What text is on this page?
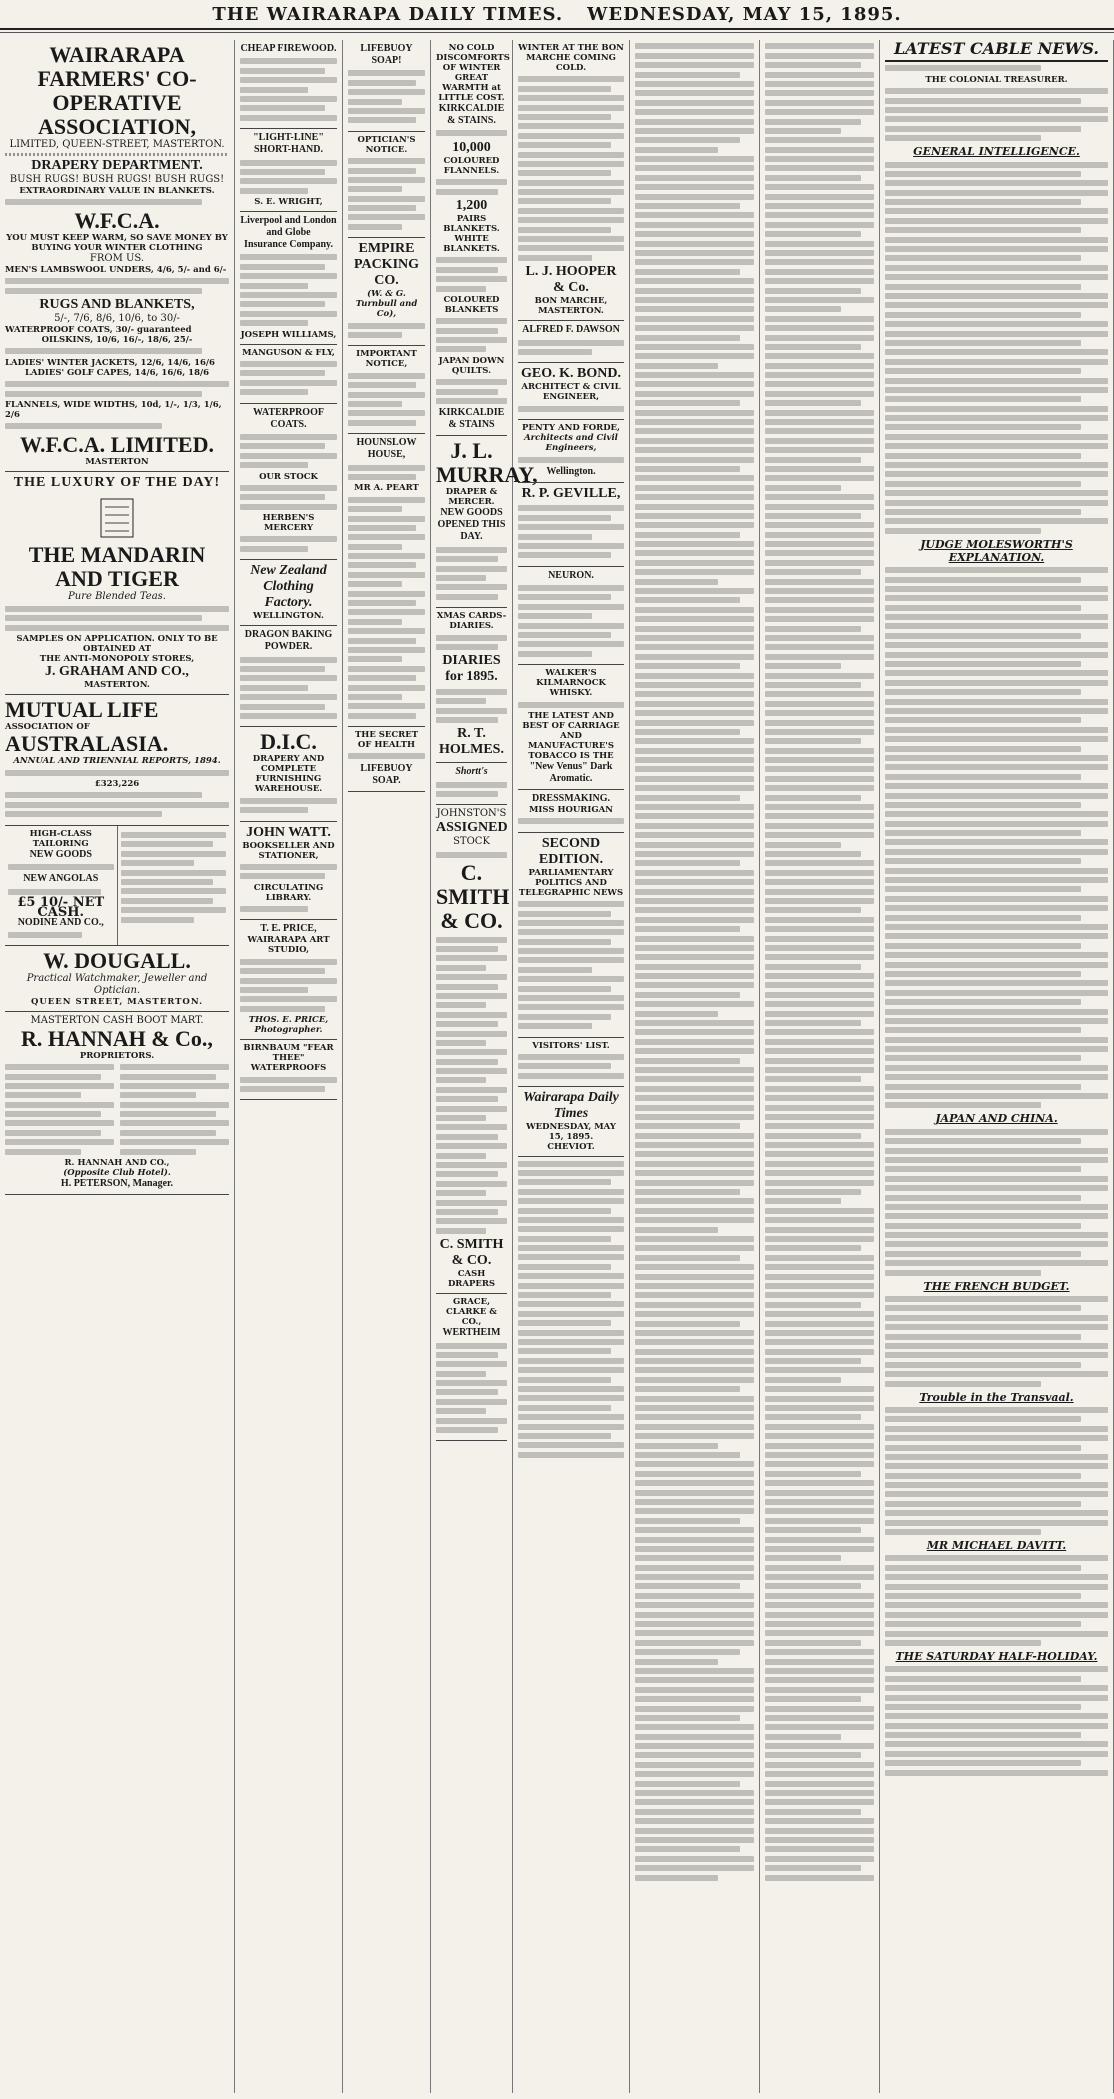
THE WAIRARAPA DAILY TIMES. WEDNESDAY, MAY 15, 1895.
WAIRARAPA FARMERS' CO-OPERATIVE ASSOCIATION,
LIMITED, QUEEN-STREET, MASTERTON.
DRAPERY DEPARTMENT.
BUSH RUGS! BUSH RUGS! BUSH RUGS!
EXTRAORDINARY VALUE IN BLANKETS.
W.F.C.A.
YOU MUST KEEP WARM, SO SAVE MONEY BY BUYING YOUR WINTER CLOTHING
FROM US.
MEN'S LAMBSWOOL UNDERS, 4/6, 5/- and 6/-
RUGS AND BLANKETS,
5/-, 7/6, 8/6, 10/6, to 30/-
WATERPROOF COATS, 30/- guaranteed
OILSKINS, 10/6, 16/-, 18/6, 25/-
LADIES' WINTER JACKETS, 12/6, 14/6, 16/6
LADIES' GOLF CAPES, 14/6, 16/6, 18/6
FLANNELS, WIDE WIDTHS, 10d, 1/-, 1/3, 1/6, 2/6
W.F.C.A. LIMITED.
MASTERTON
THE LUXURY OF THE DAY!
THE MANDARIN AND TIGER
Pure Blended Teas.
SAMPLES ON APPLICATION. ONLY TO BE OBTAINED AT
THE ANTI-MONOPOLY STORES,
J. GRAHAM AND CO.,
MASTERTON.
MUTUAL LIFE
ASSOCIATION OF
AUSTRALASIA.
ANNUAL AND TRIENNIAL REPORTS, 1894.
£323,226
HIGH-CLASS TAILORING
NEW GOODS
NEW ANGOLAS
£5 10/- NET CASH.
NODINE AND CO.,
W. DOUGALL.
Practical Watchmaker, Jeweller and Optician.
QUEEN STREET, MASTERTON.
MASTERTON CASH BOOT MART.
R. HANNAH & Co.,
PROPRIETORS.
R. HANNAH AND CO.,
(Opposite Club Hotel).
H. PETERSON, Manager.
CHEAP FIREWOOD.
"LIGHT-LINE" SHORT-HAND.
S. E. WRIGHT,
Liverpool and London and Globe
Insurance Company.
JOSEPH WILLIAMS,
MANGUSON & FLY,
WATERPROOF COATS.
OUR STOCK
HERBEN'S MERCERY
New Zealand Clothing Factory.
WELLINGTON.
DRAGON BAKING POWDER.
D.I.C.
DRAPERY AND COMPLETE FURNISHING WAREHOUSE.
JOHN WATT.
BOOKSELLER AND STATIONER,
CIRCULATING LIBRARY.
T. E. PRICE,
WAIRARAPA ART STUDIO,
THOS. E. PRICE, Photographer.
BIRNBAUM "FEAR THEE" WATERPROOFS
LIFEBUOY SOAP!
OPTICIAN'S NOTICE.
EMPIRE PACKING CO.
(W. & G. Turnbull and Co),
IMPORTANT NOTICE,
HOUNSLOW HOUSE,
MR A. PEART
THE SECRET OF HEALTH
LIFEBUOY SOAP.
NO COLD DISCOMFORTS OF WINTER
GREAT WARMTH at LITTLE COST.
KIRKCALDIE & STAINS.
10,000
COLOURED FLANNELS.
1,200
PAIRS BLANKETS.
WHITE BLANKETS.
COLOURED BLANKETS
JAPAN DOWN QUILTS.
KIRKCALDIE & STAINS
J. L. MURRAY,
DRAPER & MERCER.
NEW GOODS OPENED THIS DAY.
XMAS CARDS-DIARIES.
DIARIES for 1895.
R. T. HOLMES.
Shortt's
JOHNSTON'S
ASSIGNED
STOCK
C. SMITH & CO.
C. SMITH & CO.
CASH DRAPERS
GRACE, CLARKE & CO.,
WERTHEIM
WINTER AT THE BON MARCHE COMING COLD.
L. J. HOOPER & Co.
BON MARCHE, MASTERTON.
ALFRED F. DAWSON
GEO. K. BOND.
ARCHITECT & CIVIL ENGINEER,
PENTY AND FORDE,
Architects and Civil Engineers,
Wellington.
R. P. GEVILLE,
NEURON.
WALKER'S KILMARNOCK WHISKY.
THE LATEST AND BEST OF CARRIAGE AND MANUFACTURE'S TOBACCO IS THE
"New Venus" Dark Aromatic.
DRESSMAKING.
MISS HOURIGAN
SECOND EDITION.
PARLIAMENTARY POLITICS AND TELEGRAPHIC NEWS
VISITORS' LIST.
Wairarapa Daily Times
WEDNESDAY, MAY 15, 1895.
CHEVIOT.
LATEST CABLE NEWS.
THE COLONIAL TREASURER.
GENERAL INTELLIGENCE.
JUDGE MOLESWORTH'S EXPLANATION.
JAPAN AND CHINA.
THE FRENCH BUDGET.
Trouble in the Transvaal.
MR MICHAEL DAVITT.
THE SATURDAY HALF-HOLIDAY.
